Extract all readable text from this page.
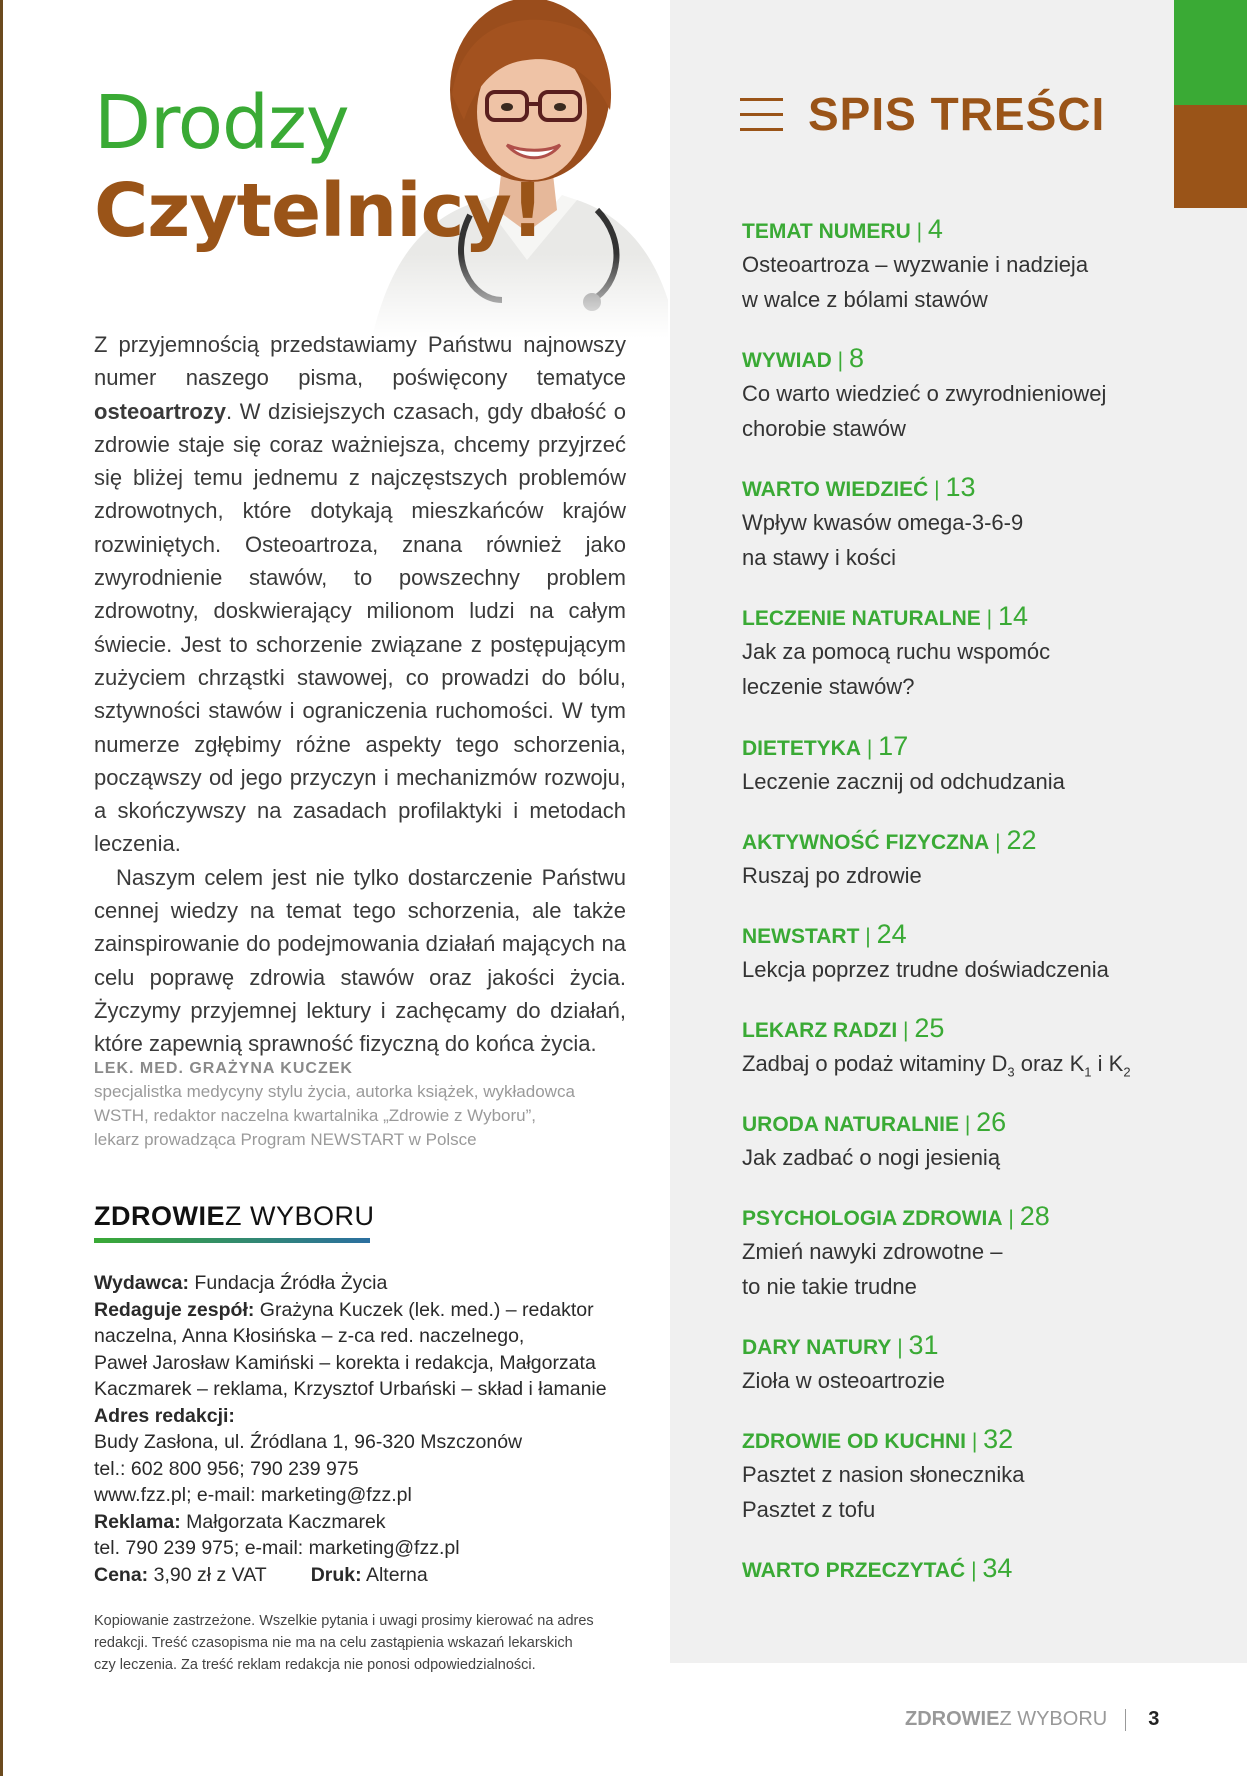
Drodzy
Czytelnicy!

Z przyjemnością przedstawiamy Państwu najnowszy numer naszego pisma, poświęcony tematyce osteoartrozy. W dzisiejszych czasach, gdy dbałość o zdrowie staje się coraz ważniejsza, chcemy przyjrzeć się bliżej temu jednemu z najczęstszych problemów zdrowotnych, które dotykają mieszkańców krajów rozwiniętych. Osteoartroza, znana również jako zwyrodnienie stawów, to powszechny problem zdrowotny, doskwierający milionom ludzi na całym świecie. Jest to schorzenie związane z postępującym zużyciem chrząstki stawowej, co prowadzi do bólu, sztywności stawów i ograniczenia ruchomości. W tym numerze zgłębimy różne aspekty tego schorzenia, począwszy od jego przyczyn i mechanizmów rozwoju, a skończywszy na zasadach profilaktyki i metodach leczenia.

Naszym celem jest nie tylko dostarczenie Państwu cennej wiedzy na temat tego schorzenia, ale także zainspirowanie do podejmowania działań mających na celu poprawę zdrowia stawów oraz jakości życia. Życzymy przyjemnej lektury i zachęcamy do działań, które zapewnią sprawność fizyczną do końca życia.

LEK. MED. GRAŻYNA KUCZEK
specjalistka medycyny stylu życia, autorka książek, wykładowca
WSTH, redaktor naczelna kwartalnika „Zdrowie z Wyboru”,
lekarz prowadząca Program NEWSTART w Polsce
ZDROWIEZ WYBORU
Wydawca: Fundacja Źródła Życia
Redaguje zespół: Grażyna Kuczek (lek. med.) – redaktor
naczelna, Anna Kłosińska – z-ca red. naczelnego,
Paweł Jarosław Kamiński – korekta i redakcja, Małgorzata
Kaczmarek – reklama, Krzysztof Urbański – skład i łamanie
Adres redakcji:
Budy Zasłona, ul. Źródlana 1, 96-320 Mszczonów
tel.: 602 800 956; 790 239 975
www.fzz.pl; e-mail: marketing@fzz.pl
Reklama: Małgorzata Kaczmarek
tel. 790 239 975; e-mail: marketing@fzz.pl
Cena: 3,90 zł z VAT Druk: Alterna
Kopiowanie zastrzeżone. Wszelkie pytania i uwagi prosimy kierować na adres
redakcji. Treść czasopisma nie ma na celu zastąpienia wskazań lekarskich
czy leczenia. Za treść reklam redakcja nie ponosi odpowiedzialności.
SPIS TREŚCI
TEMAT NUMERU | 4
Osteoartroza – wyzwanie i nadzieja
w walce z bólami stawów
WYWIAD | 8
Co warto wiedzieć o zwyrodnieniowej
chorobie stawów
WARTO WIEDZIEĆ | 13
Wpływ kwasów omega-3-6-9
na stawy i kości
LECZENIE NATURALNE | 14
Jak za pomocą ruchu wspomóc
leczenie stawów?
DIETETYKA | 17
Leczenie zacznij od odchudzania
AKTYWNOŚĆ FIZYCZNA | 22
Ruszaj po zdrowie
NEWSTART | 24
Lekcja poprzez trudne doświadczenia
LEKARZ RADZI | 25
Zadbaj o podaż witaminy $D_3$ oraz $K_1$ i $K_2$
URODA NATURALNIE | 26
Jak zadbać o nogi jesienią
PSYCHOLOGIA ZDROWIA | 28
Zmień nawyki zdrowotne –
to nie takie trudne
DARY NATURY | 31
Zioła w osteoartrozie
ZDROWIE OD KUCHNI | 32
Pasztet z nasion słonecznika
Pasztet z tofu
WARTO PRZECZYTAĆ | 34
ZDROWIEZ WYBORU 3
